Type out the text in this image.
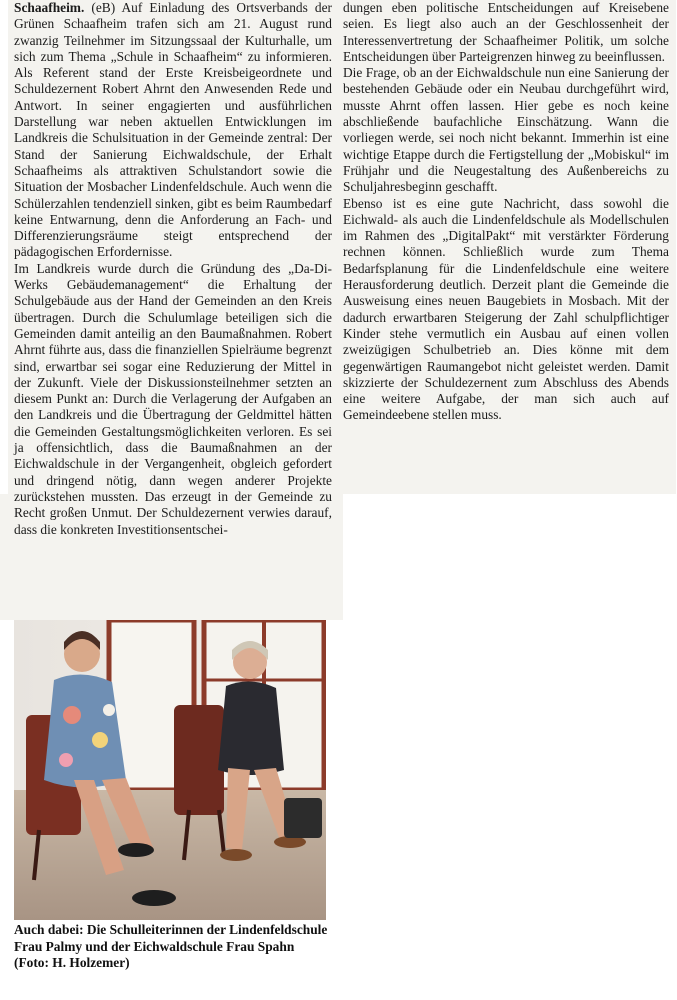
Schaafheim. (eB) Auf Einladung des Ortsverbands der Grünen Schaafheim trafen sich am 21. August rund zwanzig Teilnehmer im Sitzungssaal der Kulturhalle, um sich zum Thema „Schule in Schaafheim“ zu informieren. Als Referent stand der Erste Kreisbeigeordnete und Schuldezernent Robert Ahrnt den Anwesenden Rede und Antwort. In seiner engagierten und ausführlichen Darstellung war neben aktuellen Entwicklungen im Landkreis die Schulsituation in der Gemeinde zentral: Der Stand der Sanierung Eichwaldschule, der Erhalt Schaafheims als attraktiven Schulstandort sowie die Situation der Mosbacher Lindenfeldschule. Auch wenn die Schülerzahlen tendenziell sinken, gibt es beim Raumbedarf keine Entwarnung, denn die Anforderung an Fach- und Differenzierungsräume steigt entsprechend der pädagogischen Erfordernisse.

Im Landkreis wurde durch die Gründung des „Da-Di-Werks Gebäudemanagement“ die Erhaltung der Schulgebäude aus der Hand der Gemeinden an den Kreis übertragen. Durch die Schulumlage beteiligen sich die Gemeinden damit anteilig an den Baumaßnahmen. Robert Ahrnt führte aus, dass die finanziellen Spielräume begrenzt sind, erwartbar sei sogar eine Reduzierung der Mittel in der Zukunft. Viele der Diskussionsteilnehmer setzten an diesem Punkt an: Durch die Verlagerung der Aufgaben an den Landkreis und die Übertragung der Geldmittel hätten die Gemeinden Gestaltungsmöglichkeiten verloren. Es sei ja offensichtlich, dass die Baumaßnahmen an der Eichwaldschule in der Vergangenheit, obgleich gefordert und dringend nötig, dann wegen anderer Projekte zurückstehen mussten. Das erzeugt in der Gemeinde zu Recht großen Unmut. Der Schuldezernent verwies darauf, dass die konkreten Investitionsentschei-

dungen eben politische Entscheidungen auf Kreisebene seien. Es liegt also auch an der Geschlossenheit der Interessenvertretung der Schaafheimer Politik, um solche Entscheidungen über Parteigrenzen hinweg zu beeinflussen.

Die Frage, ob an der Eichwaldschule nun eine Sanierung der bestehenden Gebäude oder ein Neubau durchgeführt wird, musste Ahrnt offen lassen. Hier gebe es noch keine abschließende baufachliche Einschätzung. Wann die vorliegen werde, sei noch nicht bekannt. Immerhin ist eine wichtige Etappe durch die Fertigstellung der „Mobiskul“ im Frühjahr und die Neugestaltung des Außenbereichs zu Schuljahresbeginn geschafft.

Ebenso ist es eine gute Nachricht, dass sowohl die Eichwald- als auch die Lindenfeldschule als Modellschulen im Rahmen des „DigitalPakt“ mit verstärkter Förderung rechnen können. Schließlich wurde zum Thema Bedarfsplanung für die Lindenfeldschule eine weitere Herausforderung deutlich. Derzeit plant die Gemeinde die Ausweisung eines neuen Baugebiets in Mosbach. Mit der dadurch erwartbaren Steigerung der Zahl schulpflichtiger Kinder stehe vermutlich ein Ausbau auf einen vollen zweizügigen Schulbetrieb an. Dies könne mit dem gegenwärtigen Raumangebot nicht geleistet werden. Damit skizzierte der Schuldezernent zum Abschluss des Abends eine weitere Aufgabe, der man sich auch auf Gemeindeebene stellen muss.

Auch dabei: Die Schulleiterinnen der Lindenfeldschule Frau Palmy und der Eichwaldschule Frau Spahn (Foto: H. Holzemer)
